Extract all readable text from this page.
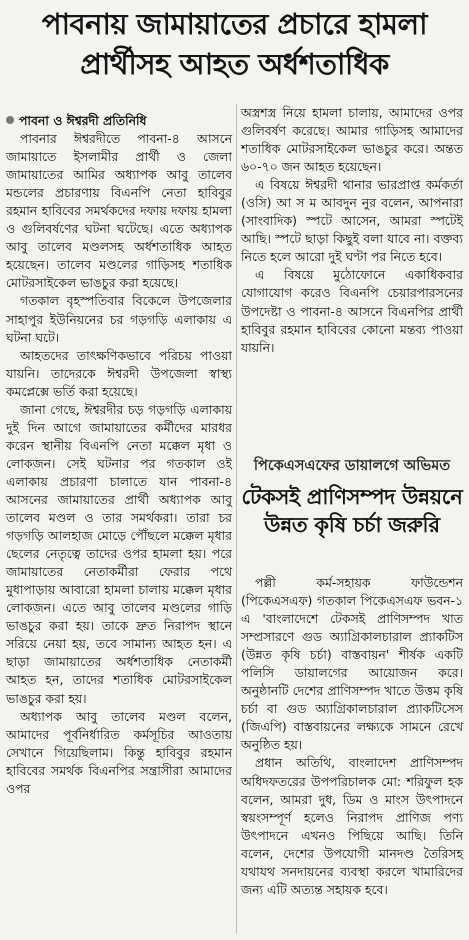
পাবনায় জামায়াতের প্রচারে হামলা
প্রার্থীসহ আহত অর্ধশতাধিক

পাবনা ও ঈশ্বরদী প্রতিনিধি

পাবনার ঈশ্বরদীতে পাবনা-৪ আসনে জামায়াতে ইসলামীর প্রার্থী ও জেলা জামায়াতের আমির অধ্যাপক আবু তালেব মন্ডলের প্রচারণায় বিএনপি নেতা হাবিবুর রহমান হাবিবের সমর্থকদের দফায় দফায় হামলা ও গুলিবর্ষণের ঘটনা ঘটেছে। এতে অধ্যাপক আবু তালেব মণ্ডলসহ অর্ধশতাধিক আহত হয়েছেন। তালেব মণ্ডলের গাড়িসহ শতাধিক মোটরসাইকেল ভাঙচুর করা হয়েছে।

গতকাল বৃহস্পতিবার বিকেলে উপজেলার সাহাপুর ইউনিয়নের চর গড়গড়ি এলাকায় এ ঘটনা ঘটে।

আহতদের তাৎক্ষণিকভাবে পরিচয় পাওয়া যায়নি। তাদেরকে ঈশ্বরদী উপজেলা স্বাস্থ্য কমপ্লেক্সে ভর্তি করা হয়েছে।

জানা গেছে, ঈশ্বরদীর চড় গড়গড়ি এলাকায় দুই দিন আগে জামায়াতের কর্মীদের মারধর করেন স্থানীয় বিএনপি নেতা মক্কেল মৃধা ও লোকজন। সেই ঘটনার পর গতকাল ওই এলাকায় প্রচারণা চালাতে যান পাবনা-৪ আসনের জামায়াতের প্রার্থী অধ্যাপক আবু তালেব মণ্ডল ও তার সমর্থকরা। তারা চর গড়গড়ি আলহাজ মোড়ে পৌঁছলে মক্কেল মৃধার ছেলের নেতৃত্বে তাদের ওপর হামলা হয়। পরে জামায়াতের নেতাকর্মীরা ফেরার পথে মুধাপাড়ায় আবারো হামলা চালায় মক্কেল মৃধার লোকজন। এতে আবু তালেব মণ্ডলের গাড়ি ভাঙচুর করা হয়। তাকে দ্রুত নিরাপদ স্থানে সরিয়ে নেয়া হয়, তবে সামান্য আহত হন। এ ছাড়া জামায়াতের অর্ধশতাধিক নেতাকর্মী আহত হন, তাদের শতাধিক মোটরসাইকেল ভাঙচুর করা হয়।

অধ্যাপক আবু তালেব মণ্ডল বলেন, আমাদের পূর্বনির্ধারিত কর্মসূচির আওতায় সেখানে গিয়েছিলাম। কিন্তু হাবিবুর রহমান হাবিবের সমর্থক বিএনপির সন্ত্রাসীরা আমাদের ওপর

অস্ত্রশস্ত্র নিয়ে হামলা চালায়, আমাদের ওপর গুলিবর্ষণ করেছে। আমার গাড়িসহ আমাদের শতাধিক মোটরসাইকেল ভাঙচুর করে। অন্তত ৬০-৭০ জন আহত হয়েছেন।

এ বিষয়ে ঈশ্বরদী থানার ভারপ্রাপ্ত কর্মকর্তা (ওসি) আ স ম আবদুন নুর বলেন, আপনারা (সাংবাদিক) স্পটে আসেন, আমরা স্পটেই আছি। স্পটে ছাড়া কিছুই বলা যাবে না। বক্তব্য নিতে হলে আরো দুই ঘণ্টা পর নিতে হবে।

এ বিষয়ে মুঠোফোনে একাধিকবার যোগাযোগ করেও বিএনপি চেয়ারপারসনের উপদেষ্টা ও পাবনা-৪ আসনে বিএনপির প্রার্থী হাবিবুর রহমান হাবিবের কোনো মন্তব্য পাওয়া যায়নি।

পিকেএসএফের ডায়ালগে অভিমত
টেকসই প্রাণিসম্পদ উন্নয়নে উন্নত কৃষি চর্চা জরুরি

পল্লী কর্ম-সহায়ক ফাউন্ডেশন (পিকেএসএফ) গতকাল পিকেএসএফ ভবন-১ এ 'বাংলাদেশে টেকসই প্রাণিসম্পদ খাত সম্প্রসারণে গুড অ্যাগ্রিকালচারাল প্র্যাকটিস (উন্নত কৃষি চর্চা) বাস্তবায়ন' শীর্ষক একটি পলিসি ডায়ালগের আয়োজন করে। অনুষ্ঠানটি দেশের প্রাণিসম্পদ খাতে উত্তম কৃষি চর্চা বা গুড অ্যাগ্রিকালচারাল প্র্যাকটিসেস (জিএপি) বাস্তবায়নের লক্ষ্যকে সামনে রেখে অনুষ্ঠিত হয়।

প্রধান অতিথি, বাংলাদেশ প্রাণিসম্পদ অধিদফতরের উপপরিচালক মো: শরিফুল হক বলেন, আমরা দুধ, ডিম ও মাংস উৎপাদনে স্বয়ংসম্পূর্ণ হলেও নিরাপদ প্রাণিজ পণ্য উৎপাদনে এখনও পিছিয়ে আছি। তিনি বলেন, দেশের উপযোগী মানদণ্ড তৈরিসহ যথাযথ সনদায়নের ব্যবস্থা করলে খামারিদের জন্য এটি অত্যন্ত সহায়ক হবে।
